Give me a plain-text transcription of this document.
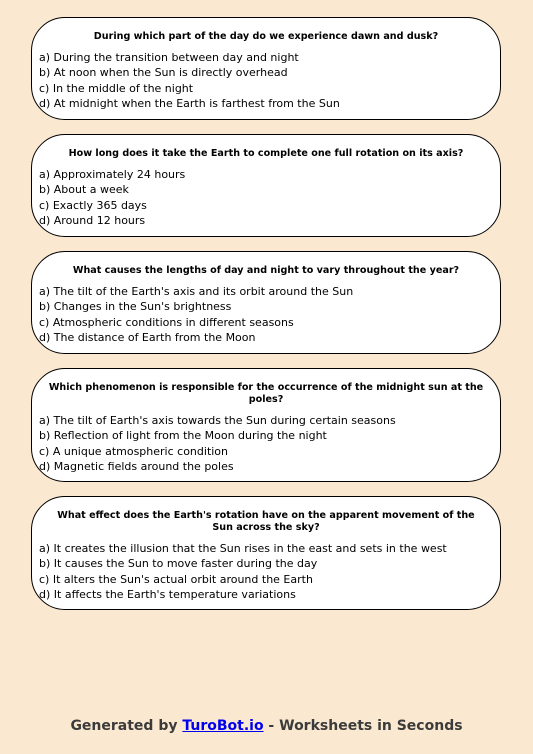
During which part of the day do we experience dawn and dusk?
a) During the transition between day and night
b) At noon when the Sun is directly overhead
c) In the middle of the night
d) At midnight when the Earth is farthest from the Sun
How long does it take the Earth to complete one full rotation on its axis?
a) Approximately 24 hours
b) About a week
c) Exactly 365 days
d) Around 12 hours
What causes the lengths of day and night to vary throughout the year?
a) The tilt of the Earth's axis and its orbit around the Sun
b) Changes in the Sun's brightness
c) Atmospheric conditions in different seasons
d) The distance of Earth from the Moon
Which phenomenon is responsible for the occurrence of the midnight sun at the poles?
a) The tilt of Earth's axis towards the Sun during certain seasons
b) Reflection of light from the Moon during the night
c) A unique atmospheric condition
d) Magnetic fields around the poles
What effect does the Earth's rotation have on the apparent movement of the Sun across the sky?
a) It creates the illusion that the Sun rises in the east and sets in the west
b) It causes the Sun to move faster during the day
c) It alters the Sun's actual orbit around the Earth
d) It affects the Earth's temperature variations
Generated by TuroBot.io - Worksheets in Seconds
